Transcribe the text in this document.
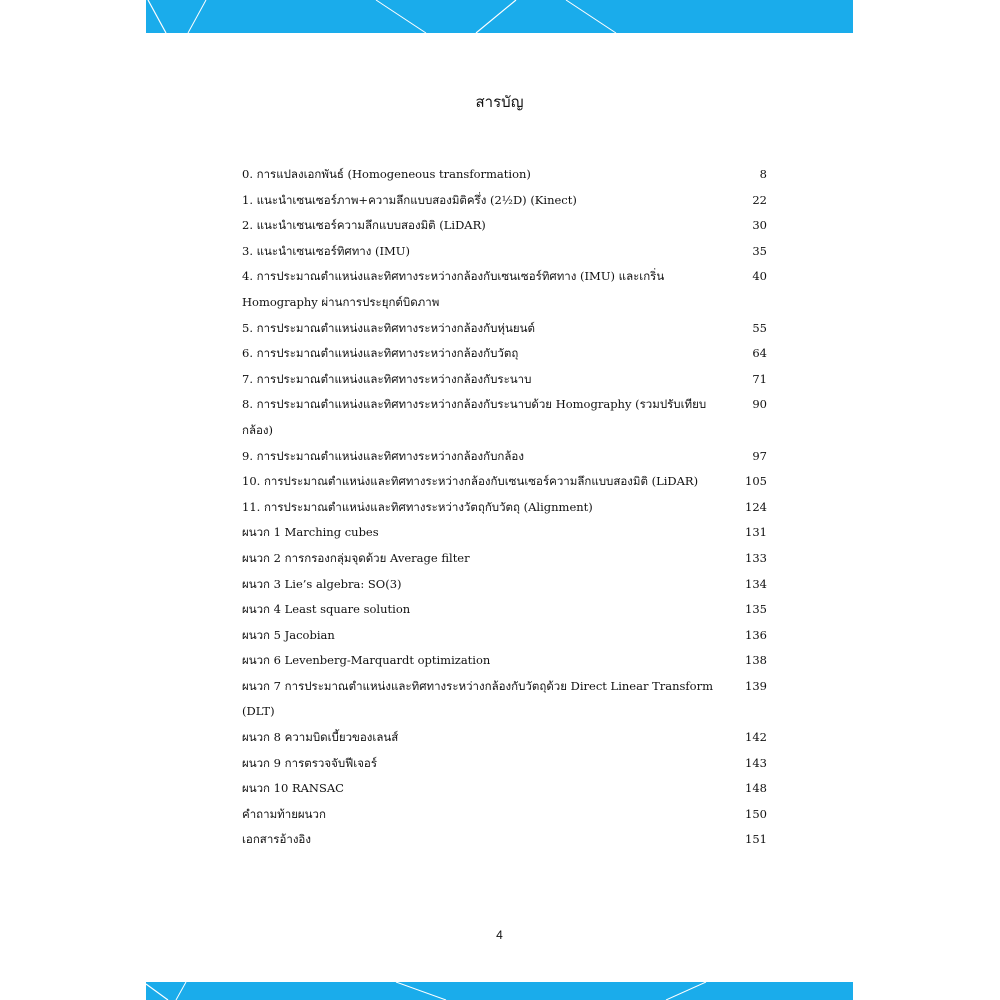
สารบัญ
0. การแปลงเอกพันธ์ (Homogeneous transformation)	8
1. แนะนำเซนเซอร์ภาพ+ความลึกแบบสองมิติครึ่ง (2½D) (Kinect)	22
2. แนะนำเซนเซอร์ความลึกแบบสองมิติ (LiDAR)	30
3. แนะนำเซนเซอร์ทิศทาง (IMU)	35
4. การประมาณตำแหน่งและทิศทางระหว่างกล้องกับเซนเซอร์ทิศทาง (IMU) และเกริ่น Homography ผ่านการประยุกต์บิดภาพ
40
5. การประมาณตำแหน่งและทิศทางระหว่างกล้องกับหุ่นยนต์	55
6. การประมาณตำแหน่งและทิศทางระหว่างกล้องกับวัตถุ	64
7. การประมาณตำแหน่งและทิศทางระหว่างกล้องกับระนาบ	71
8. การประมาณตำแหน่งและทิศทางระหว่างกล้องกับระนาบด้วย Homography (รวมปรับเทียบกล้อง)
90
9. การประมาณตำแหน่งและทิศทางระหว่างกล้องกับกล้อง	97
10. การประมาณตำแหน่งและทิศทางระหว่างกล้องกับเซนเซอร์ความลึกแบบสองมิติ (LiDAR)	105
11. การประมาณตำแหน่งและทิศทางระหว่างวัตถุกับวัตถุ (Alignment)	124
ผนวก 1 Marching cubes	131
ผนวก 2 การกรองกลุ่มจุดด้วย Average filter	133
ผนวก 3 Lie’s algebra: SO(3)	134
ผนวก 4 Least square solution	135
ผนวก 5 Jacobian	136
ผนวก 6 Levenberg-Marquardt optimization	138
ผนวก 7 การประมาณตำแหน่งและทิศทางระหว่างกล้องกับวัตถุด้วย Direct Linear Transform (DLT)
139
ผนวก 8 ความบิดเบี้ยวของเลนส์	142
ผนวก 9 การตรวจจับฟีเจอร์	143
ผนวก 10 RANSAC	148
คำถามท้ายผนวก	150
เอกสารอ้างอิง	151
4
